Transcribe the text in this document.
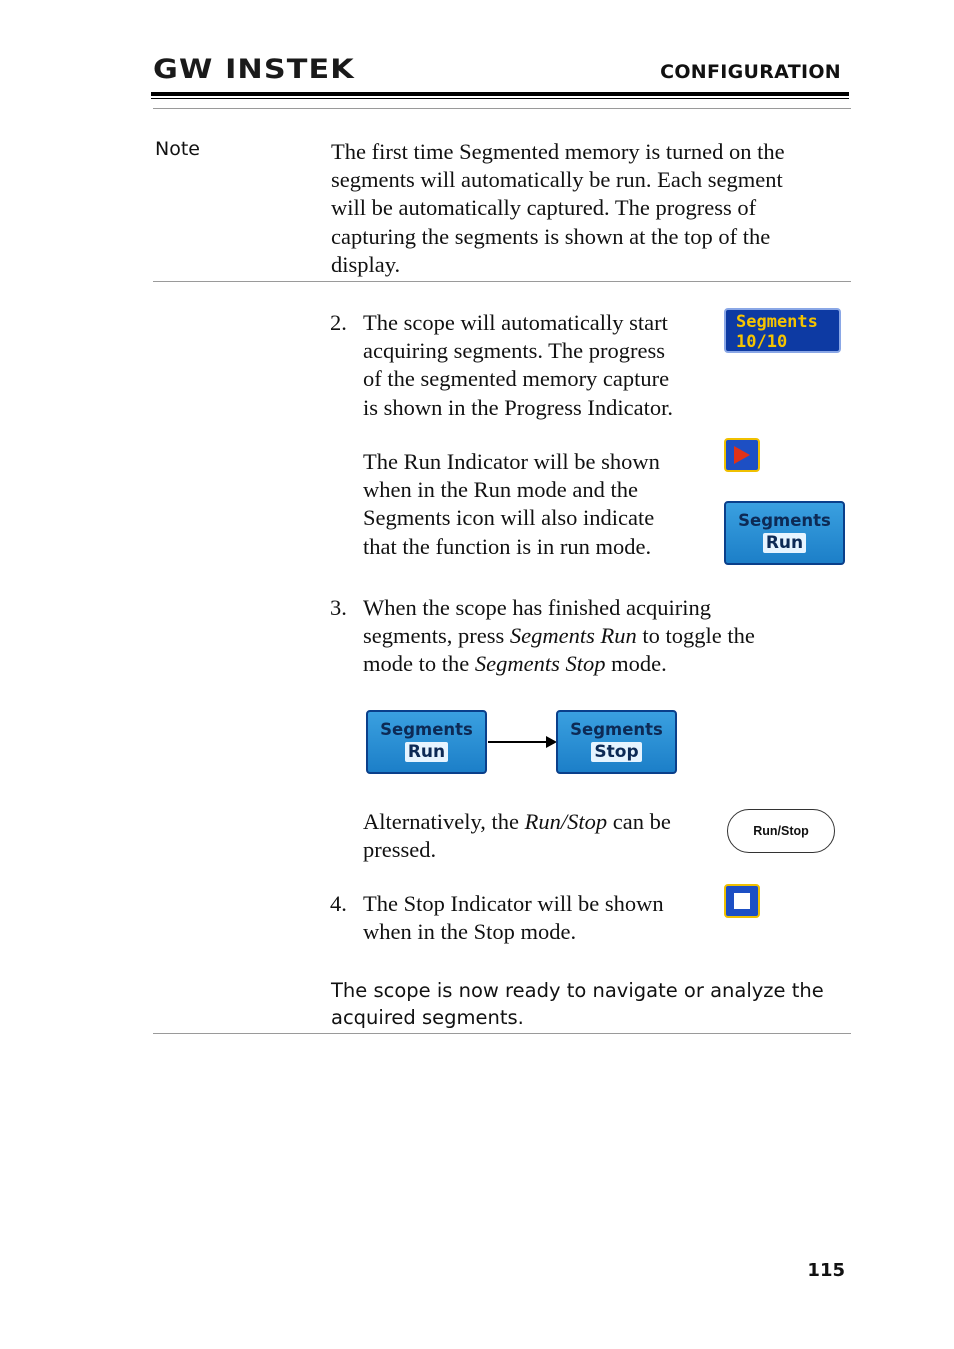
GW INSTEK	CONFIGURATION
Note	The first time Segmented memory is turned on the
segments will automatically be run. Each segment
will be automatically captured. The progress of
capturing the segments is shown at the top of the
display.
2. The scope will automatically start
acquiring segments. The progress
of the segmented memory capture
is shown in the Progress Indicator.
Segments
10/10
The Run Indicator will be shown
when in the Run mode and the
Segments icon will also indicate
that the function is in run mode.
Segments
Run
3. When the scope has finished acquiring
segments, press Segments Run to toggle the
mode to the Segments Stop mode.
Segments
Run
Segments
Stop
Alternatively, the Run/Stop can be
pressed.
Run/Stop
4. The Stop Indicator will be shown
when in the Stop mode.
The scope is now ready to navigate or analyze the
acquired segments.
115
